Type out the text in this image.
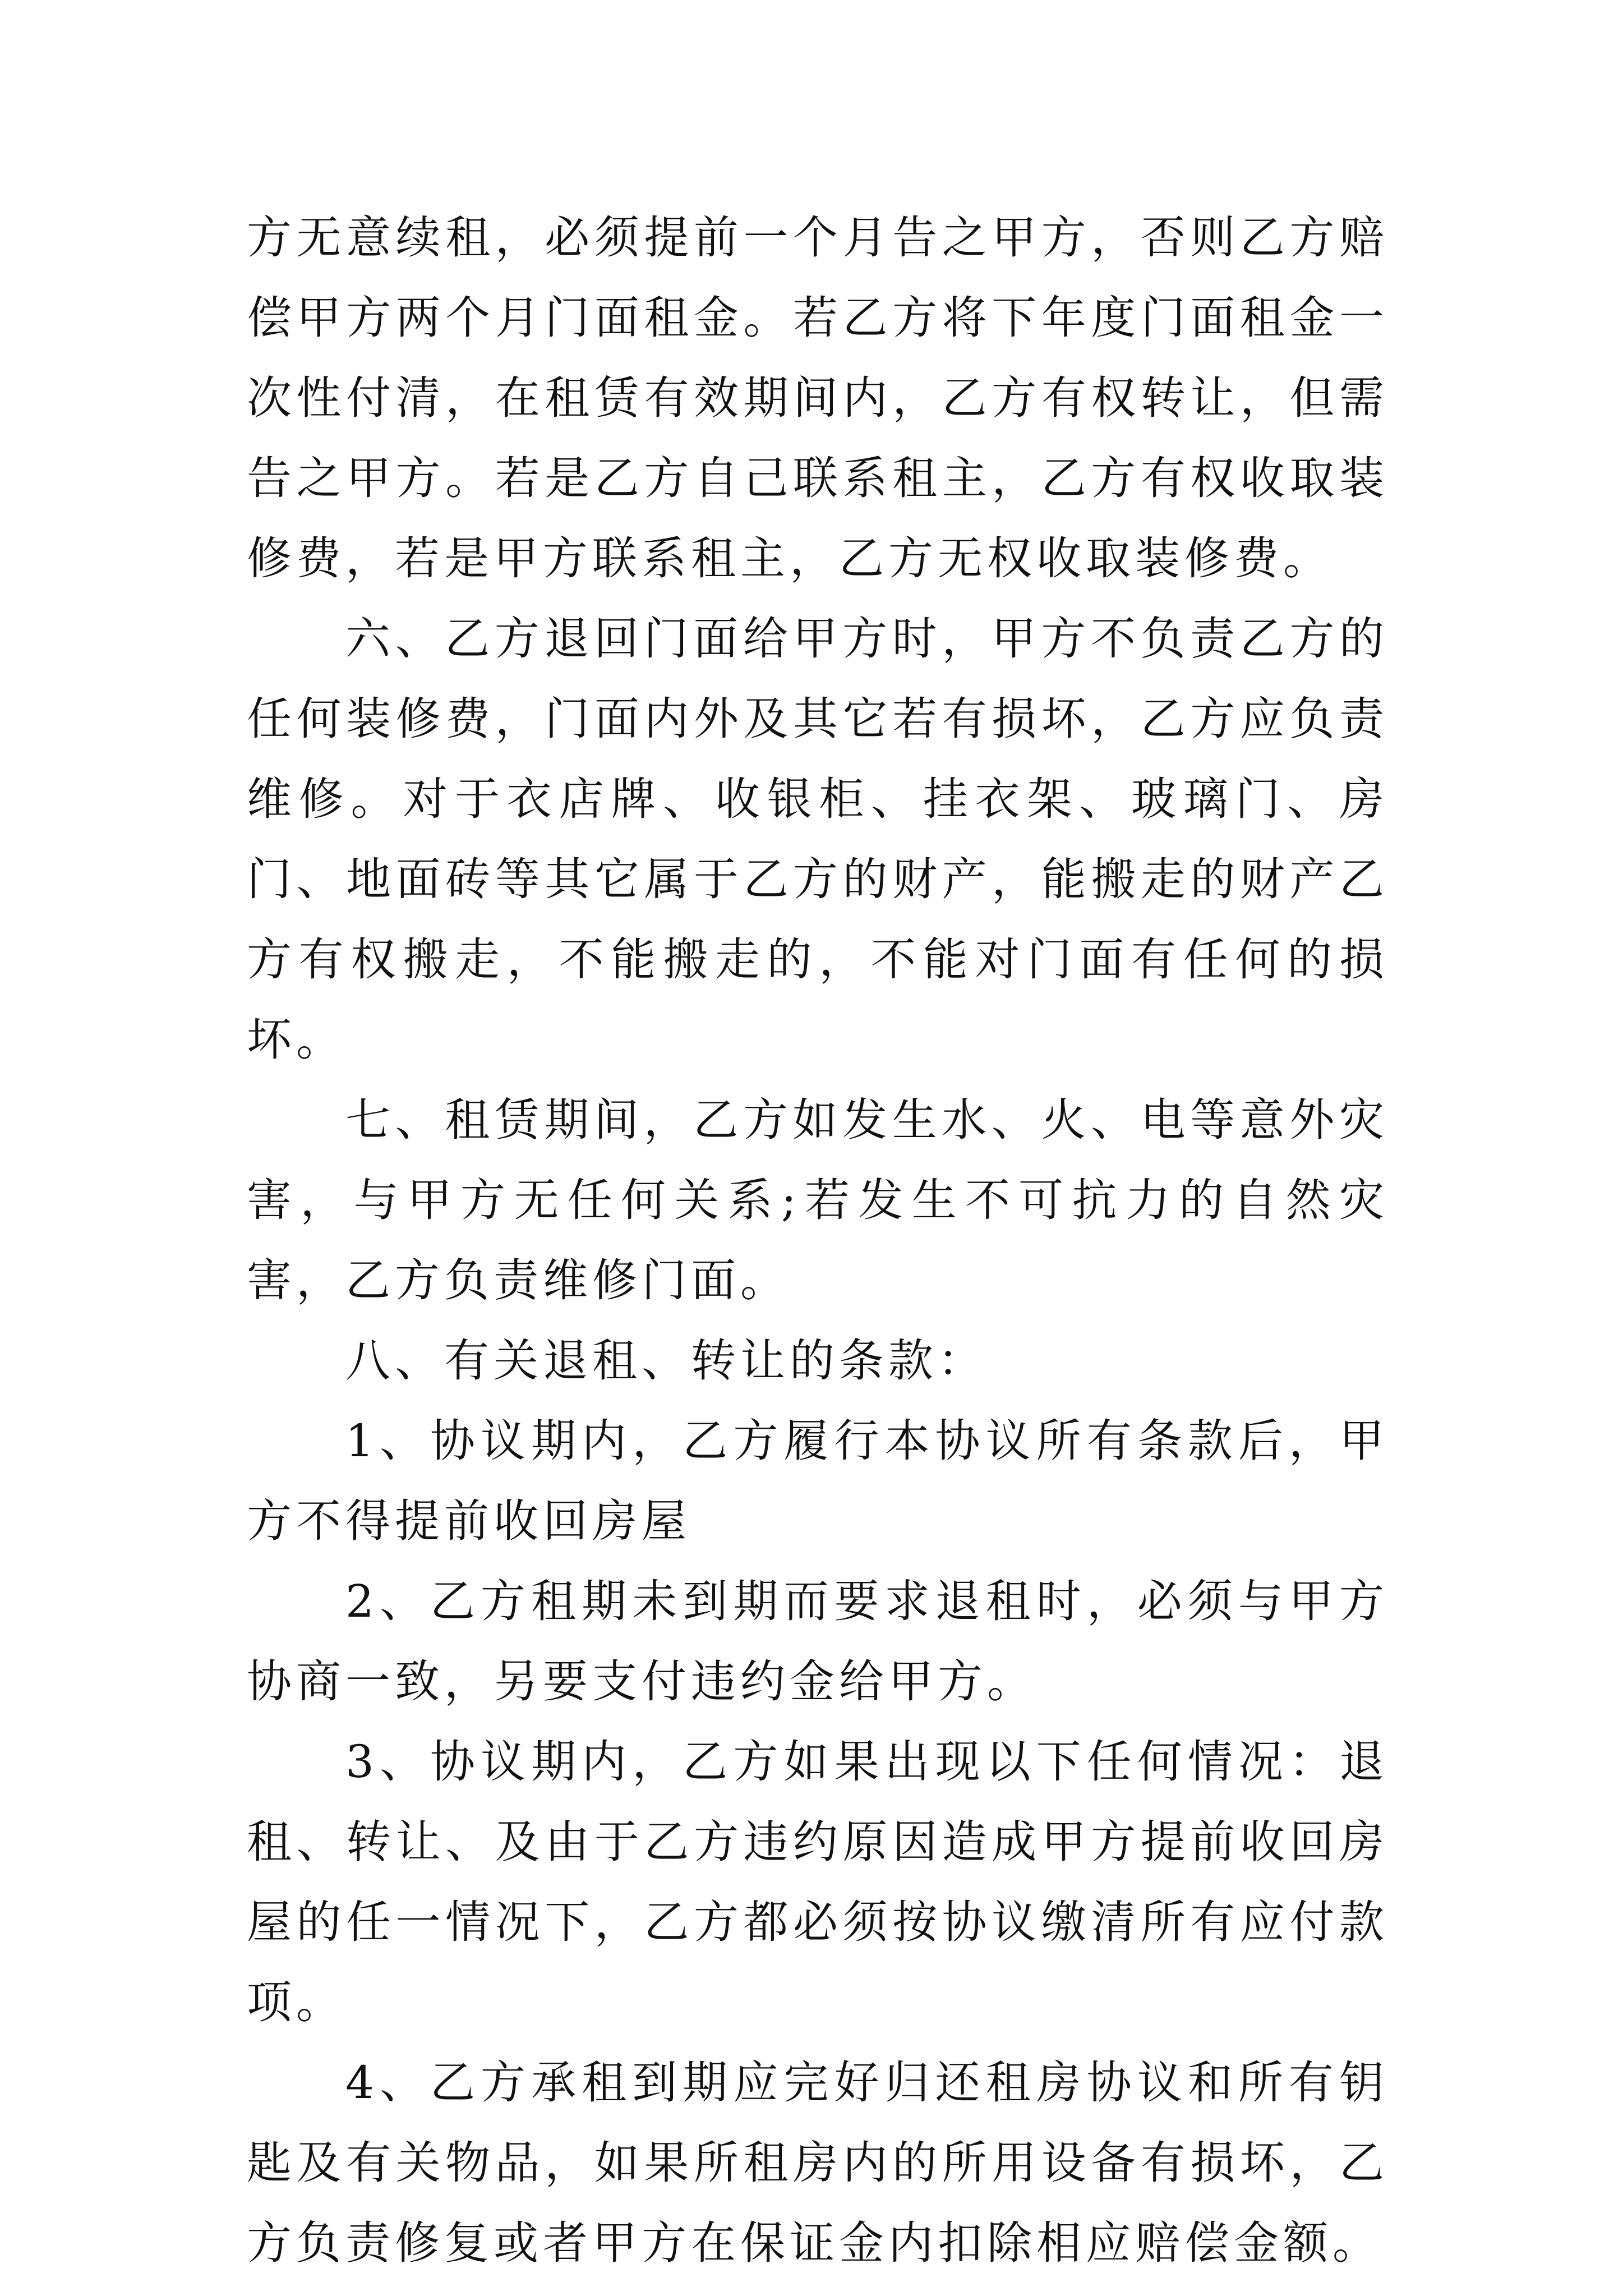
方无意续租，必须提前一个月告之甲方，否则乙方赔偿甲方两个月门面租金。若乙方将下年度门面租金一次性付清，在租赁有效期间内，乙方有权转让，但需告之甲方。若是乙方自己联系租主，乙方有权收取装修费，若是甲方联系租主，乙方无权收取装修费。

六、乙方退回门面给甲方时，甲方不负责乙方的任何装修费，门面内外及其它若有损坏，乙方应负责维修。对于衣店牌、收银柜、挂衣架、玻璃门、房门、地面砖等其它属于乙方的财产，能搬走的财产乙方有权搬走，不能搬走的，不能对门面有任何的损坏。

七、租赁期间，乙方如发生水、火、电等意外灾害，与甲方无任何关系;若发生不可抗力的自然灾害，乙方负责维修门面。

八、有关退租、转让的条款：

1、协议期内，乙方履行本协议所有条款后，甲方不得提前收回房屋

2、乙方租期未到期而要求退租时，必须与甲方协商一致，另要支付违约金给甲方。

3、协议期内，乙方如果出现以下任何情况：退租、转让、及由于乙方违约原因造成甲方提前收回房屋的任一情况下，乙方都必须按协议缴清所有应付款项。

4、乙方承租到期应完好归还租房协议和所有钥匙及有关物品，如果所租房内的所用设备有损坏，乙方负责修复或者甲方在保证金内扣除相应赔偿金额。
